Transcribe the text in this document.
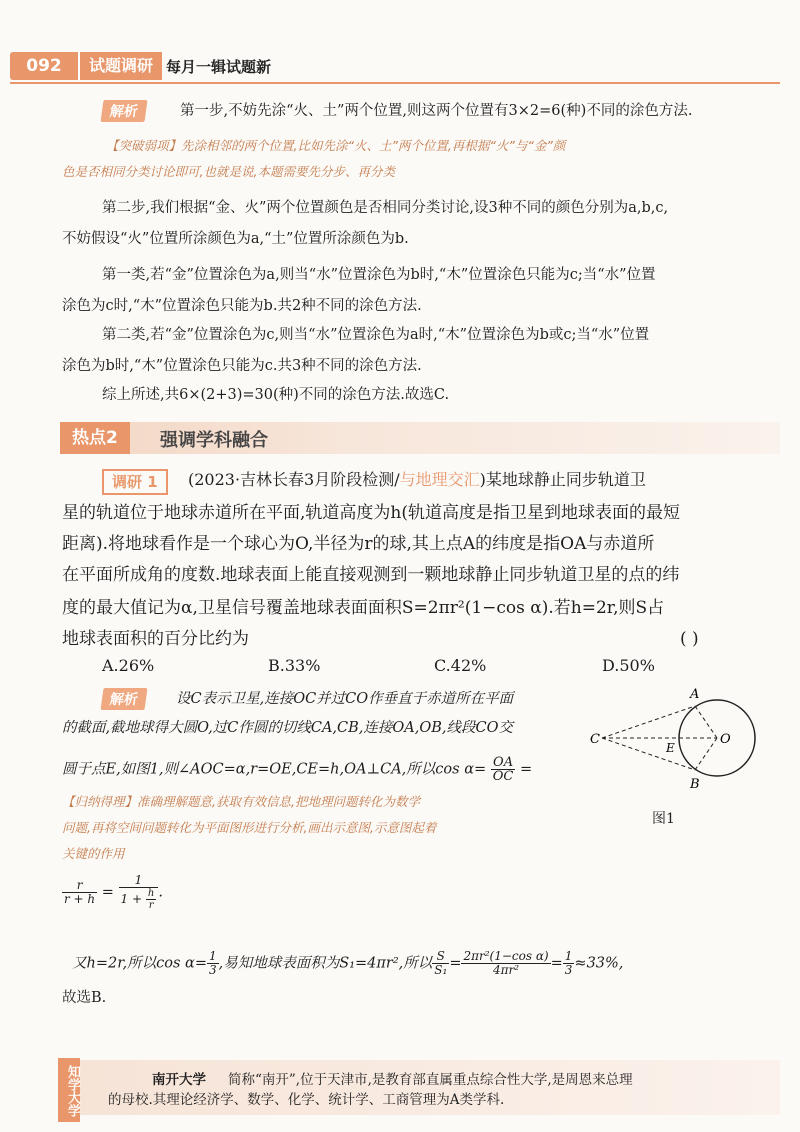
092	试题调研 每月一辑试题新
解析	第一步,不妨先涂“火、土”两个位置,则这两个位置有3×2=6(种)不同的涂色方法.
【突破弱项】先涂相邻的两个位置,比如先涂“火、土”两个位置,再根据“火”与“金”颜
色是否相同分类讨论即可,也就是说,本题需要先分步、再分类
第二步,我们根据“金、火”两个位置颜色是否相同分类讨论,设3种不同的颜色分别为a,b,c,
不妨假设“火”位置所涂颜色为a,“土”位置所涂颜色为b.
第一类,若“金”位置涂色为a,则当“水”位置涂色为b时,“木”位置涂色只能为c;当“水”位置
涂色为c时,“木”位置涂色只能为b.共2种不同的涂色方法.
第二类,若“金”位置涂色为c,则当“水”位置涂色为a时,“木”位置涂色为b或c;当“水”位置
涂色为b时,“木”位置涂色只能为c.共3种不同的涂色方法.
综上所述,共6×(2+3)=30(种)不同的涂色方法.故选C.
热点2	强调学科融合
调研 1	(2023·吉林长春3月阶段检测/与地理交汇)某地球静止同步轨道卫
星的轨道位于地球赤道所在平面,轨道高度为h(轨道高度是指卫星到地球表面的最短
距离).将地球看作是一个球心为O,半径为r的球,其上点A的纬度是指OA与赤道所
在平面所成角的度数.地球表面上能直接观测到一颗地球静止同步轨道卫星的点的纬
度的最大值记为α,卫星信号覆盖地球表面面积S=2πr²(1−cos α).若h=2r,则S占
地球表面积的百分比约为	( )
A.26%	B.33%	C.42%	D.50%
解析	设C表示卫星,连接OC并过CO作垂直于赤道所在平面
的截面,截地球得大圆O,过C作圆的切线CA,CB,连接OA,OB,线段CO交
圆于点E,如图1,则∠AOC=α,r=OE,CE=h,OA⊥CA,所以$\cos \alpha= \frac{OA}{OC}$ =
【归纳得理】准确理解题意,获取有效信息,把地理问题转化为数学
问题,再将空间问题转化为平面图形进行分析,画出示意图,示意图起着
关键的作用
$\frac{r}{r + h} = \frac{1}{1 + \frac{h}{r}}$ .
又h=2r,所以$\cos \alpha= \frac{1}{3}$ ,易知地球表面积为S₁=4πr²,所以 $\frac{S}{\text{S₁}} = \frac{\text{2πr²(1−cos α)}}{\text{4πr²}} = \frac{1}{3} \approx 33\%$,
故选B.
C
A
B
E
O
图1
知学大学	南开大学 简称“南开”,位于天津市,是教育部直属重点综合性大学,是周恩来总理
的母校.其理论经济学、数学、化学、统计学、工商管理为A类学科.
